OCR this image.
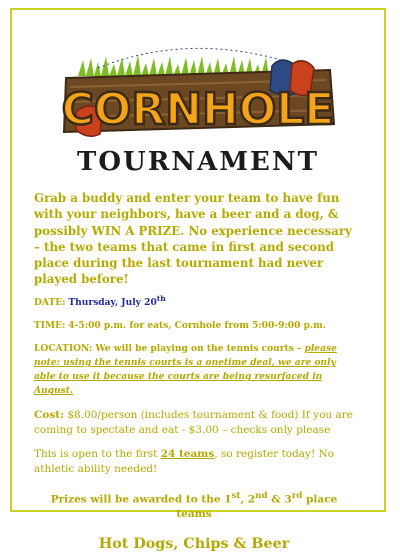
CORNHOLE
TOURNAMENT

Grab a buddy and enter your team to have fun with your neighbors, have a beer and a dog, & possibly WIN A PRIZE. No experience necessary – the two teams that came in first and second place during the last tournament had never played before!

DATE: Thursday, July 20th
TIME: 4-5:00 p.m. for eats, Cornhole from 5:00-9:00 p.m.
LOCATION: We will be playing on the tennis courts – please note: using the tennis courts is a onetime deal, we are only able to use it because the courts are being resurfaced in August.
Cost: $8.00/person (includes tournament & food) If you are coming to spectate and eat - $3.00 – checks only please
This is open to the first 24 teams, so register today! No athletic ability needed!
Prizes will be awarded to the 1st, 2nd & 3rd place teams
Hot Dogs, Chips & Beer
